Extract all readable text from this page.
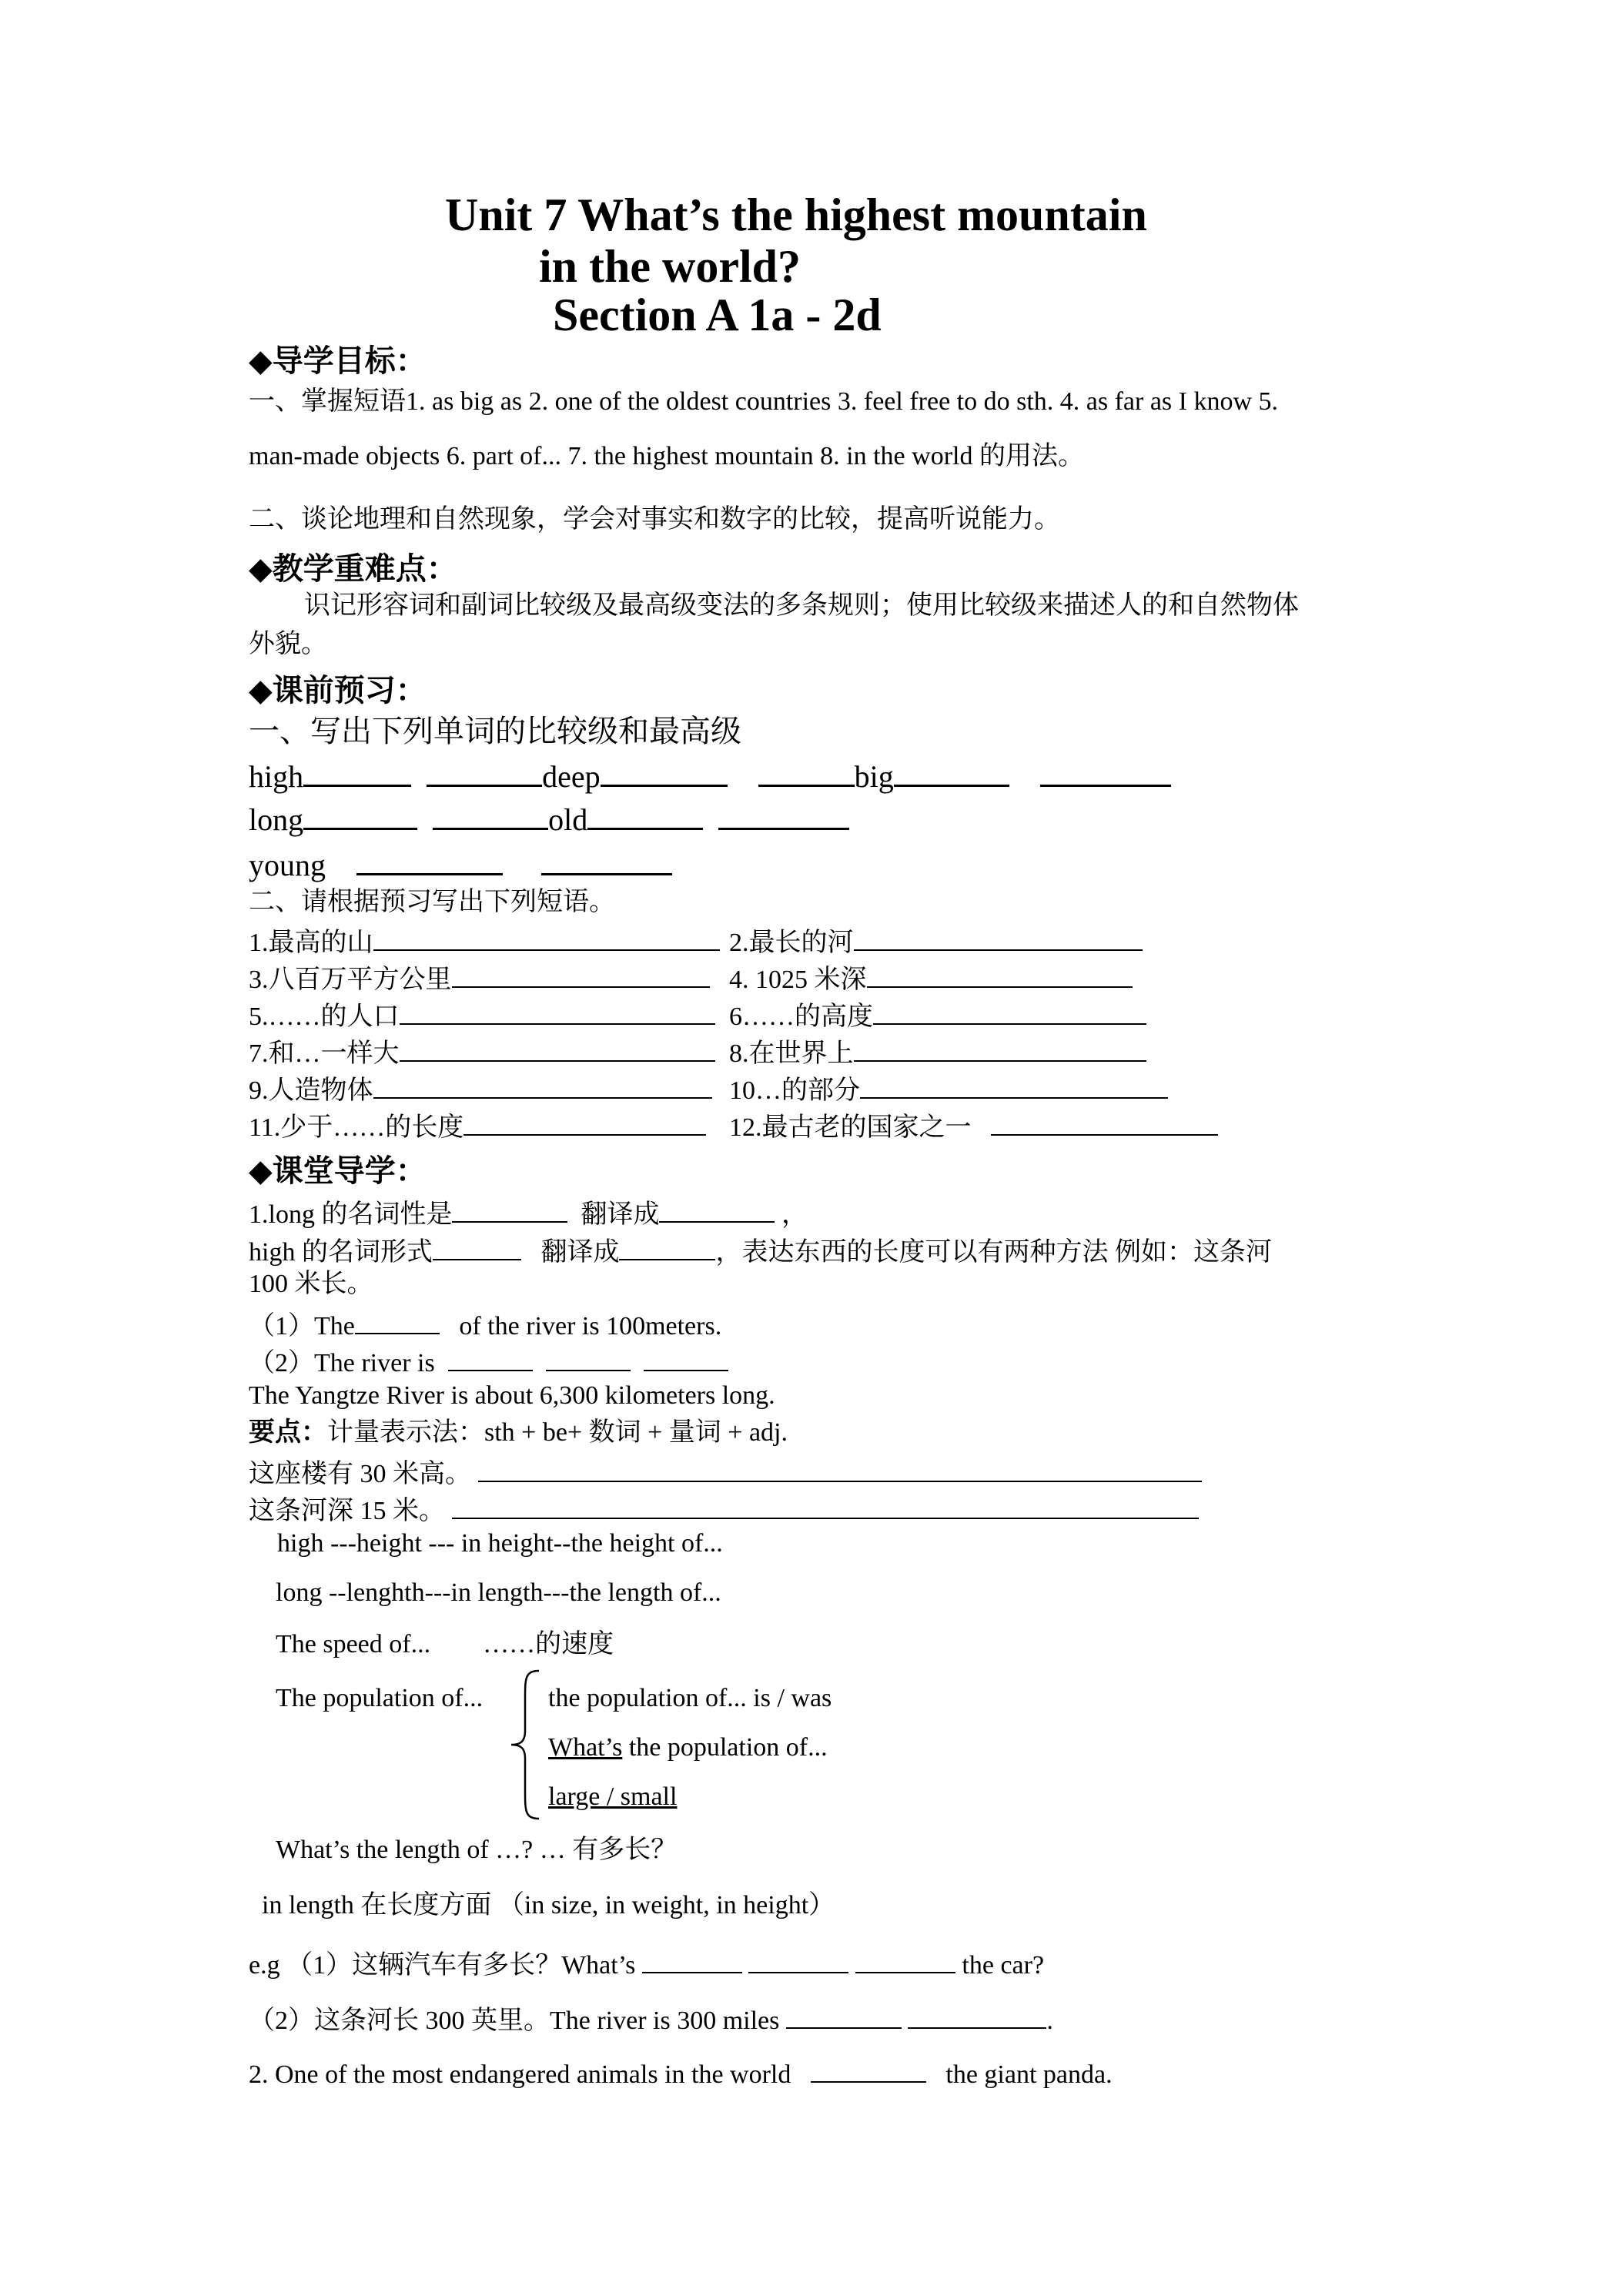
Unit 7 What’s the highest mountain
in the world?
Section A 1a - 2d
◆导学目标：
一、掌握短语1. as big as 2. one of the oldest countries 3. feel free to do sth. 4. as far as I know 5.
man-made objects 6. part of... 7. the highest mountain 8. in the world 的用法。
二、谈论地理和自然现象，学会对事实和数字的比较，提高听说能力。
◆教学重难点：
识记形容词和副词比较级及最高级变法的多条规则；使用比较级来描述人的和自然物体
外貌。
◆课前预习：
一、写出下列单词的比较级和最高级
high	deep	big
long	old
young
二、请根据预习写出下列短语。
1.最高的山	2.最长的河
3.八百万平方公里	4. 1025 米深
5.……的人口	6……的高度
7.和…一样大	8.在世界上
9.人造物体	10…的部分
11.少于……的长度	12.最古老的国家之一
◆课堂导学：
1.long 的名词性是	翻译成	，
high 的名词形式	翻译成	，表达东西的长度可以有两种方法 例如：这条河
100 米长。
（1）The	of the river is 100meters.
（2）The river is
The Yangtze River is about 6,300 kilometers long.
要点：计量表示法：sth + be+ 数词 + 量词 + adj.
这座楼有 30 米高。
这条河深 15 米。
high ---height --- in height--the height of...
long --lenghth---in length---the length of...
The speed of... ……的速度
The population of... the population of... is / was
What’s the population of...
large / small
What’s the length of …? … 有多长？
in length 在长度方面 （in size, in weight, in height）
e.g （1）这辆汽车有多长？What’s	the car?
（2）这条河长 300 英里。The river is 300 miles	.
2. One of the most endangered animals in the world	the giant panda.
